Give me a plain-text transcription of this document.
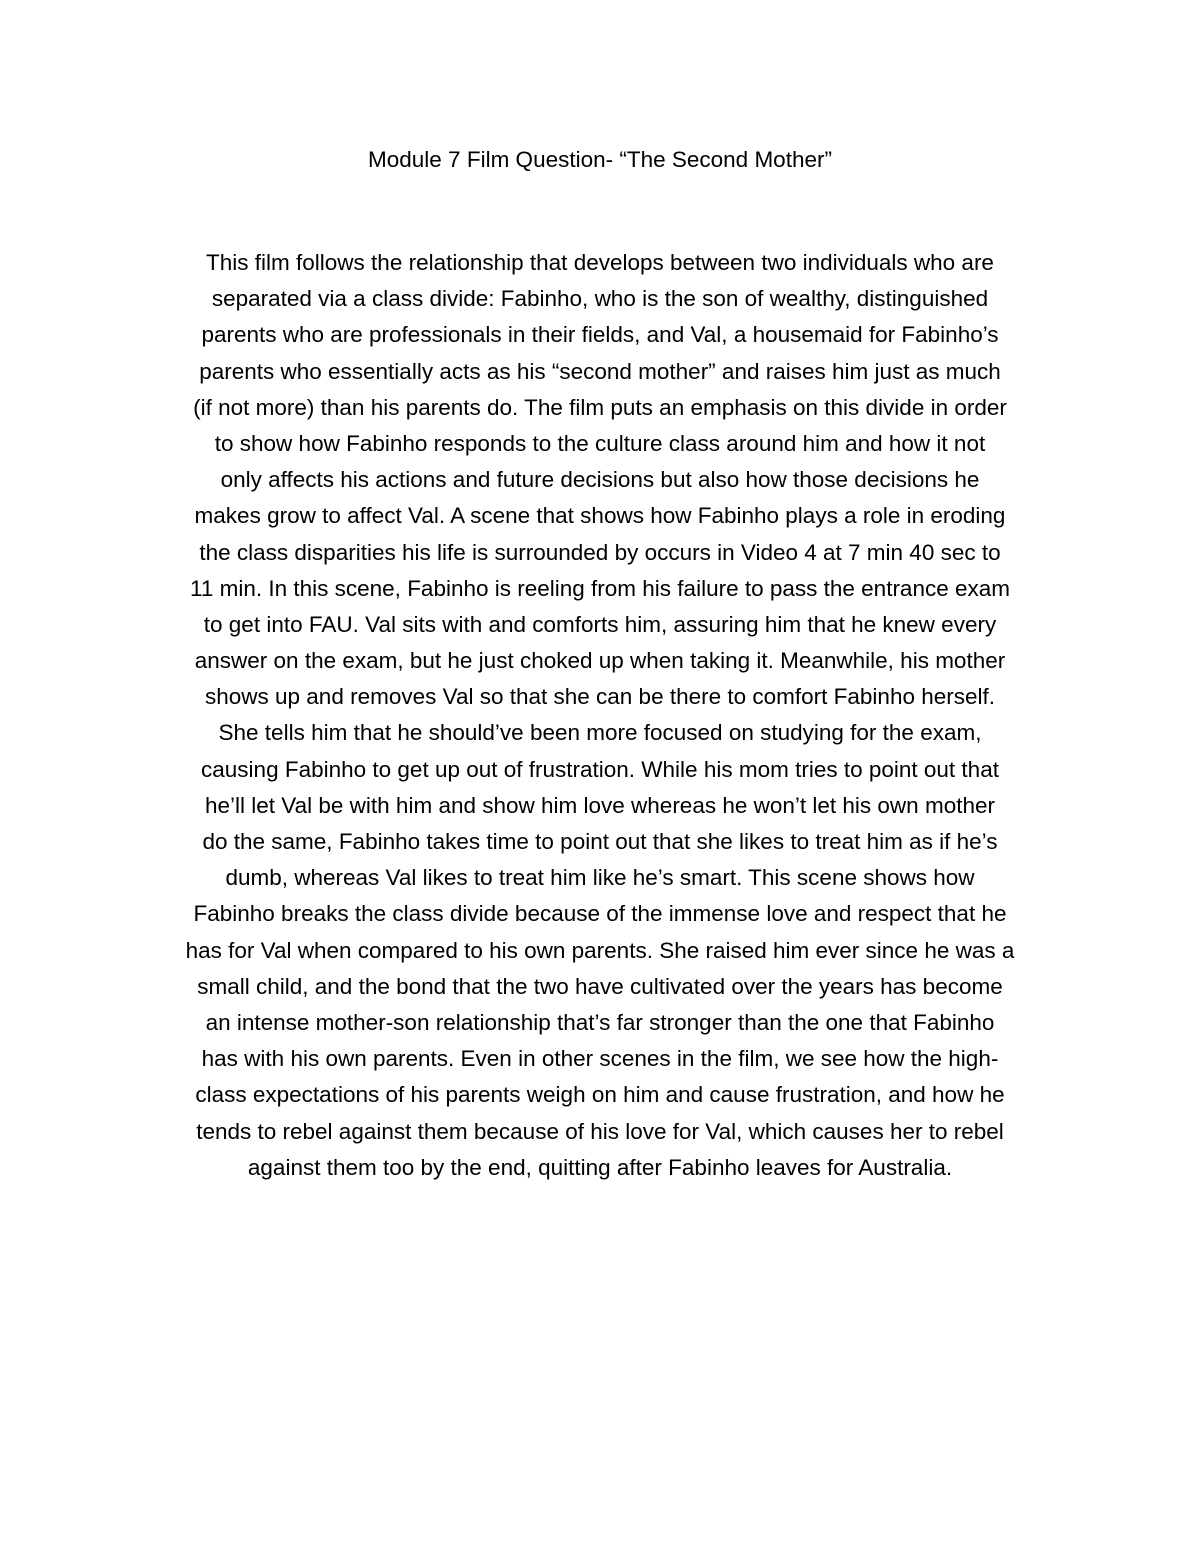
Module 7 Film Question- “The Second Mother”
This film follows the relationship that develops between two individuals who are
separated via a class divide: Fabinho, who is the son of wealthy, distinguished
parents who are professionals in their fields, and Val, a housemaid for Fabinho’s
parents who essentially acts as his “second mother” and raises him just as much
(if not more) than his parents do. The film puts an emphasis on this divide in order
to show how Fabinho responds to the culture class around him and how it not
only affects his actions and future decisions but also how those decisions he
makes grow to affect Val. A scene that shows how Fabinho plays a role in eroding
the class disparities his life is surrounded by occurs in Video 4 at 7 min 40 sec to
11 min. In this scene, Fabinho is reeling from his failure to pass the entrance exam
to get into FAU. Val sits with and comforts him, assuring him that he knew every
answer on the exam, but he just choked up when taking it. Meanwhile, his mother
shows up and removes Val so that she can be there to comfort Fabinho herself.
She tells him that he should’ve been more focused on studying for the exam,
causing Fabinho to get up out of frustration. While his mom tries to point out that
he’ll let Val be with him and show him love whereas he won’t let his own mother
do the same, Fabinho takes time to point out that she likes to treat him as if he’s
dumb, whereas Val likes to treat him like he’s smart. This scene shows how
Fabinho breaks the class divide because of the immense love and respect that he
has for Val when compared to his own parents. She raised him ever since he was a
small child, and the bond that the two have cultivated over the years has become
an intense mother-son relationship that’s far stronger than the one that Fabinho
has with his own parents. Even in other scenes in the film, we see how the high-
class expectations of his parents weigh on him and cause frustration, and how he
tends to rebel against them because of his love for Val, which causes her to rebel
against them too by the end, quitting after Fabinho leaves for Australia.
